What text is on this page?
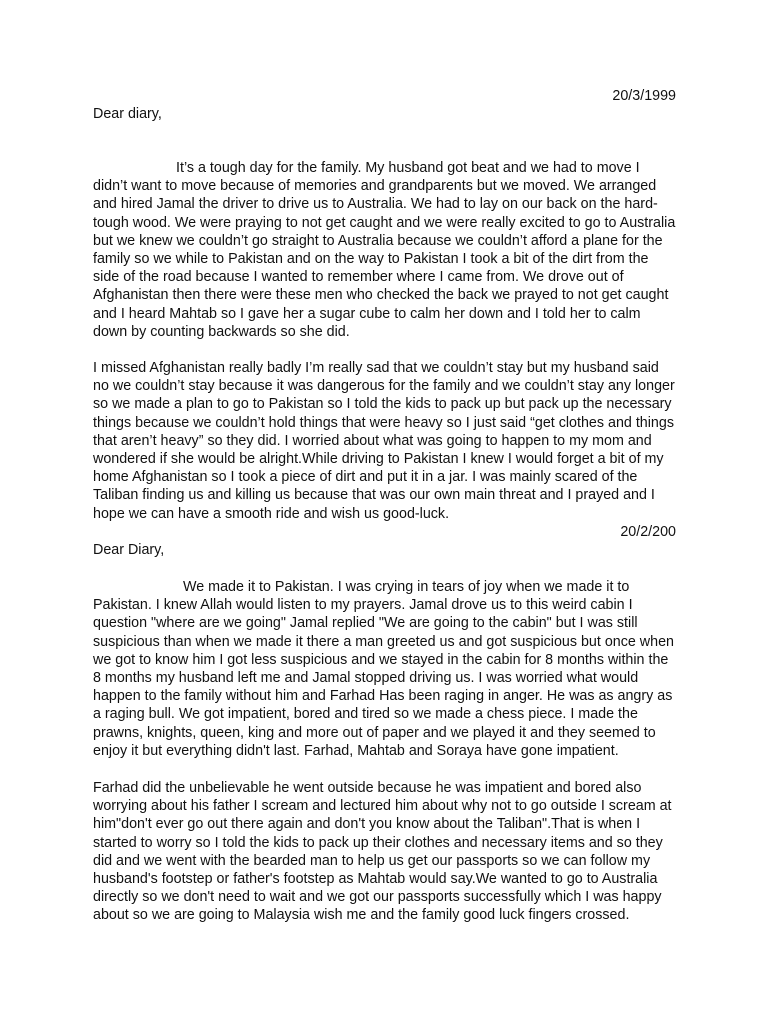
20/3/1999
Dear diary,

It’s a tough day for the family. My husband got beat and we had to move I didn’t want to move because of memories and grandparents but we moved. We arranged and hired Jamal the driver to drive us to Australia. We had to lay on our back on the hard-tough wood. We were praying to not get caught and we were really excited to go to Australia but we knew we couldn’t go straight to Australia because we couldn’t afford a plane for the family so we while to Pakistan and on the way to Pakistan I took a bit of the dirt from the side of the road because I wanted to remember where I came from. We drove out of Afghanistan then there were these men who checked the back we prayed to not get caught and I heard Mahtab so I gave her a sugar cube to calm her down and I told her to calm down by counting backwards so she did.

I missed Afghanistan really badly I’m really sad that we couldn’t stay but my husband said no we couldn’t stay because it was dangerous for the family and we couldn’t stay any longer so we made a plan to go to Pakistan so I told the kids to pack up but pack up the necessary things because we couldn’t hold things that were heavy so I just said “get clothes and things that aren’t heavy” so they did. I worried about what was going to happen to my mom and wondered if she would be alright.While driving to Pakistan I knew I would forget a bit of my home Afghanistan so I took a piece of dirt and put it in a jar. I was mainly scared of the Taliban finding us and killing us because that was our own main threat and I prayed and I hope we can have a smooth ride and wish us good-luck.

20/2/200
Dear Diary,

We made it to Pakistan. I was crying in tears of joy when we made it to Pakistan. I knew Allah would listen to my prayers. Jamal drove us to this weird cabin I question "where are we going" Jamal replied "We are going to the cabin" but I was still suspicious than when we made it there a man greeted us and got suspicious but once when we got to know him I got less suspicious and we stayed in the cabin for 8 months within the 8 months my husband left me and Jamal stopped driving us. I was worried what would happen to the family without him and Farhad Has been raging in anger. He was as angry as a raging bull. We got impatient, bored and tired so we made a chess piece. I made the prawns, knights, queen, king and more out of paper and we played it and they seemed to enjoy it but everything didn't last. Farhad, Mahtab and Soraya have gone impatient.

Farhad did the unbelievable he went outside because he was impatient and bored also worrying about his father I scream and lectured him about why not to go outside I scream at him"don't ever go out there again and don't you know about the Taliban".That is when I started to worry so I told the kids to pack up their clothes and necessary items and so they did and we went with the bearded man to help us get our passports so we can follow my husband's footstep or father's footstep as Mahtab would say.We wanted to go to Australia directly so we don't need to wait and we got our passports successfully which I was happy about so we are going to Malaysia wish me and the family good luck fingers crossed.
